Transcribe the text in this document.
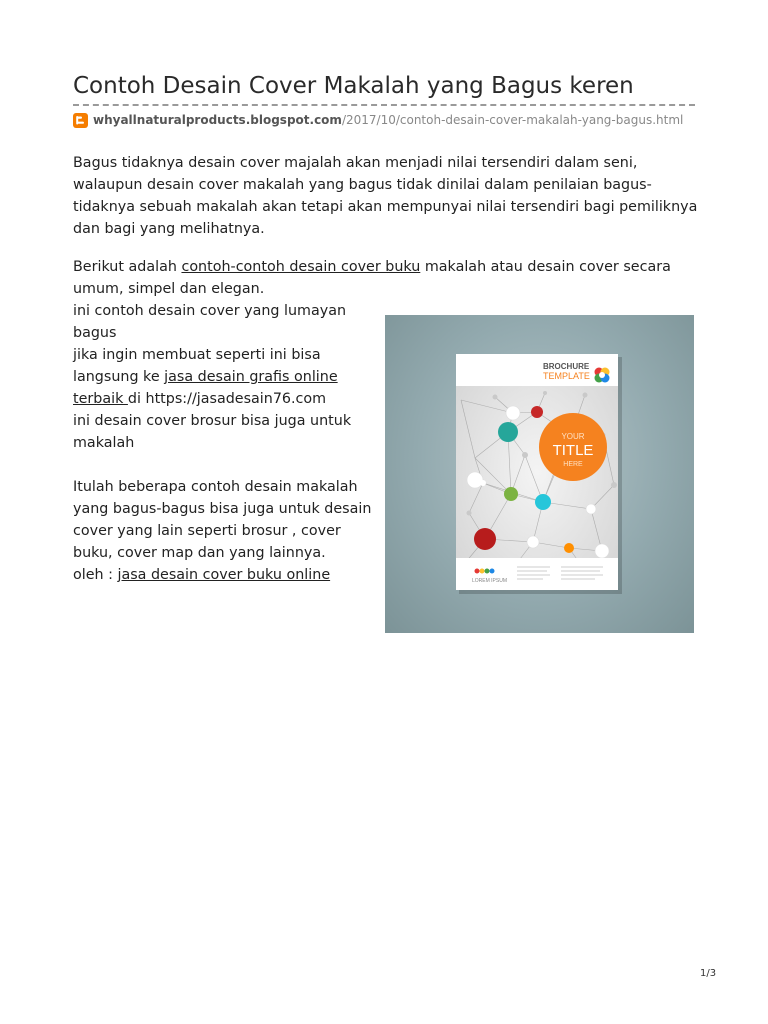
Contoh Desain Cover Makalah yang Bagus keren
whyallnaturalproducts.blogspot.com /2017/10/contoh-desain-cover-makalah-yang-bagus.html

Bagus tidaknya desain cover majalah akan menjadi nilai tersendiri dalam seni, walaupun desain cover makalah yang bagus tidak dinilai dalam penilaian bagus-tidaknya sebuah makalah akan tetapi akan mempunyai nilai tersendiri bagi pemiliknya dan bagi yang melihatnya.

Berikut adalah contoh-contoh desain cover buku makalah atau desain cover secara umum, simpel dan elegan.

ini contoh desain cover yang lumayan
bagus
jika ingin membuat seperti ini bisa
langsung ke jasa desain grafis online
terbaik di https://jasadesain76.com
ini desain cover brosur bisa juga untuk
makalah
Itulah beberapa contoh desain makalah
yang bagus-bagus bisa juga untuk desain
cover yang lain seperti brosur , cover
buku, cover map dan yang lainnya.
oleh : jasa desain cover buku online
BROCHURE
TEMPLATE
YOUR
TITLE
HERE
LOREM IPSUM
1/3
